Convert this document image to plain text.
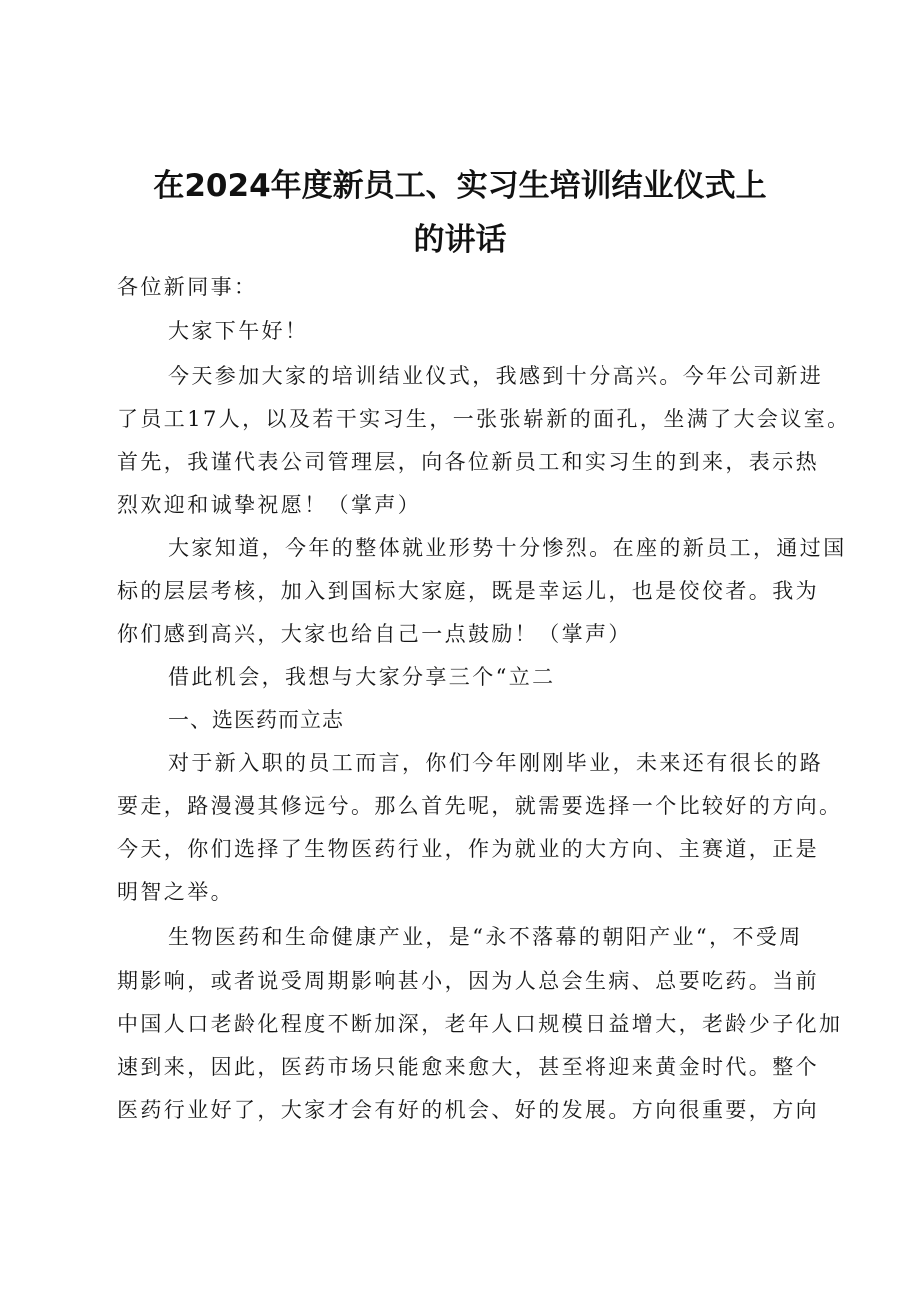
在2024年度新员工、实习生培训结业仪式上
的讲话
各位新同事：
大家下午好！
今天参加大家的培训结业仪式，我感到十分高兴。今年公司新进
了员工17人，以及若干实习生，一张张崭新的面孔，坐满了大会议室。
首先，我谨代表公司管理层，向各位新员工和实习生的到来，表示热
烈欢迎和诚挚祝愿！（掌声）
大家知道，今年的整体就业形势十分惨烈。在座的新员工，通过国
标的层层考核，加入到国标大家庭，既是幸运儿，也是佼佼者。我为
你们感到高兴，大家也给自己一点鼓励！（掌声）
借此机会，我想与大家分享三个“立二
一、选医药而立志
对于新入职的员工而言，你们今年刚刚毕业，未来还有很长的路
要走，路漫漫其修远兮。那么首先呢，就需要选择一个比较好的方向。
今天，你们选择了生物医药行业，作为就业的大方向、主赛道，正是
明智之举。
生物医药和生命健康产业，是“永不落幕的朝阳产业“，不受周
期影响，或者说受周期影响甚小，因为人总会生病、总要吃药。当前
中国人口老龄化程度不断加深，老年人口规模日益增大，老龄少子化加
速到来，因此，医药市场只能愈来愈大，甚至将迎来黄金时代。整个
医药行业好了，大家才会有好的机会、好的发展。方向很重要，方向
